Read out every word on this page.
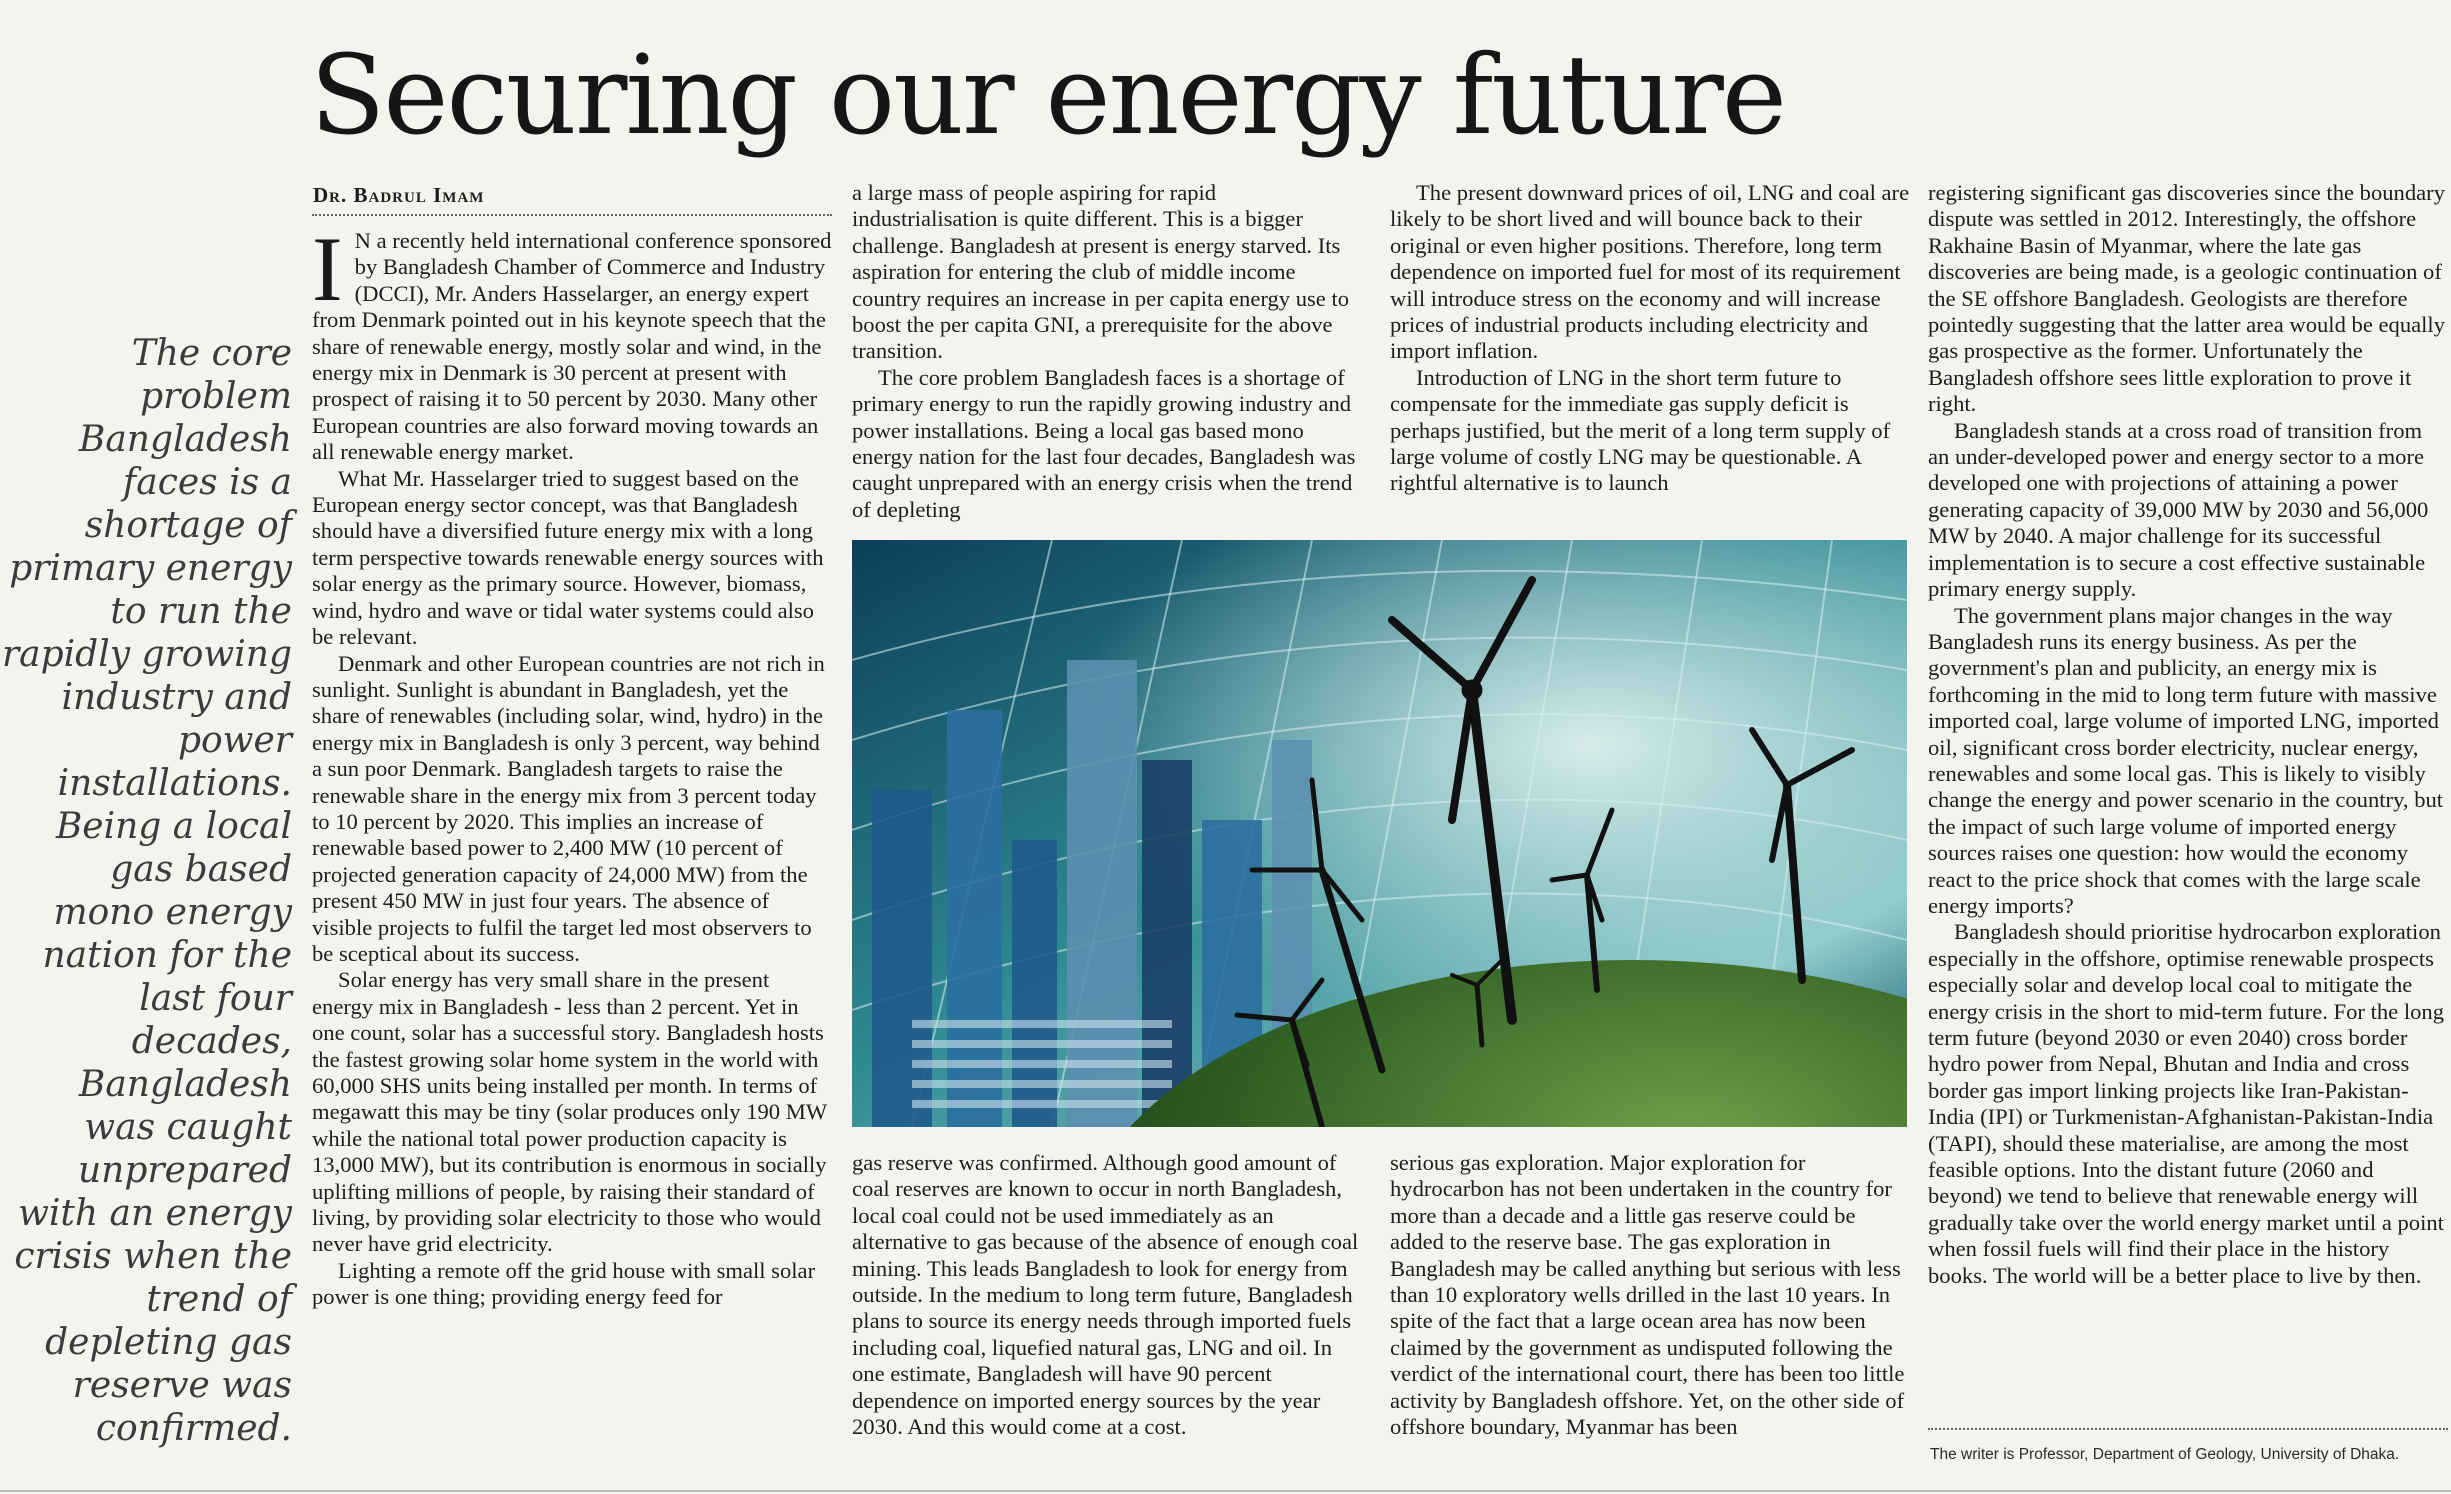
Securing our energy future
The core problem Bangladesh faces is a shortage of primary energy to run the rapidly growing industry and power installations. Being a local gas based mono energy nation for the last four decades, Bangladesh was caught unprepared with an energy crisis when the trend of depleting gas reserve was confirmed.
Dr. Badrul Imam
I N a recently held international conference sponsored by Bangladesh Chamber of Commerce and Industry (DCCI), Mr. Anders Hasselarger, an energy expert from Denmark pointed out in his keynote speech that the share of renewable energy, mostly solar and wind, in the energy mix in Denmark is 30 percent at present with prospect of raising it to 50 percent by 2030. Many other European countries are also forward moving towards an all renewable energy market.

What Mr. Hasselarger tried to suggest based on the European energy sector concept, was that Bangladesh should have a diversified future energy mix with a long term perspective towards renewable energy sources with solar energy as the primary source. However, biomass, wind, hydro and wave or tidal water systems could also be relevant.

Denmark and other European countries are not rich in sunlight. Sunlight is abundant in Bangladesh, yet the share of renewables (including solar, wind, hydro) in the energy mix in Bangladesh is only 3 percent, way behind a sun poor Denmark. Bangladesh targets to raise the renewable share in the energy mix from 3 percent today to 10 percent by 2020. This implies an increase of renewable based power to 2,400 MW (10 percent of projected generation capacity of 24,000 MW) from the present 450 MW in just four years. The absence of visible projects to fulfil the target led most observers to be sceptical about its success.

Solar energy has very small share in the present energy mix in Bangladesh - less than 2 percent. Yet in one count, solar has a successful story. Bangladesh hosts the fastest growing solar home system in the world with 60,000 SHS units being installed per month. In terms of megawatt this may be tiny (solar produces only 190 MW while the national total power production capacity is 13,000 MW), but its contribution is enormous in socially uplifting millions of people, by raising their standard of living, by providing solar electricity to those who would never have grid electricity.

Lighting a remote off the grid house with small solar power is one thing; providing energy feed for

a large mass of people aspiring for rapid industrialisation is quite different. This is a bigger challenge. Bangladesh at present is energy starved. Its aspiration for entering the club of middle income country requires an increase in per capita energy use to boost the per capita GNI, a prerequisite for the above transition.

The core problem Bangladesh faces is a shortage of primary energy to run the rapidly growing industry and power installations. Being a local gas based mono energy nation for the last four decades, Bangladesh was caught unprepared with an energy crisis when the trend of depleting

The present downward prices of oil, LNG and coal are likely to be short lived and will bounce back to their original or even higher positions. Therefore, long term dependence on imported fuel for most of its requirement will introduce stress on the economy and will increase prices of industrial products including electricity and import inflation.

Introduction of LNG in the short term future to compensate for the immediate gas supply deficit is perhaps justified, but the merit of a long term supply of large volume of costly LNG may be questionable. A rightful alternative is to launch

gas reserve was confirmed. Although good amount of coal reserves are known to occur in north Bangladesh, local coal could not be used immediately as an alternative to gas because of the absence of enough coal mining. This leads Bangladesh to look for energy from outside. In the medium to long term future, Bangladesh plans to source its energy needs through imported fuels including coal, liquefied natural gas, LNG and oil. In one estimate, Bangladesh will have 90 percent dependence on imported energy sources by the year 2030. And this would come at a cost.

serious gas exploration. Major exploration for hydrocarbon has not been undertaken in the country for more than a decade and a little gas reserve could be added to the reserve base. The gas exploration in Bangladesh may be called anything but serious with less than 10 exploratory wells drilled in the last 10 years. In spite of the fact that a large ocean area has now been claimed by the government as undisputed following the verdict of the international court, there has been too little activity by Bangladesh offshore. Yet, on the other side of offshore boundary, Myanmar has been

registering significant gas discoveries since the boundary dispute was settled in 2012. Interestingly, the offshore Rakhaine Basin of Myanmar, where the late gas discoveries are being made, is a geologic continuation of the SE offshore Bangladesh. Geologists are therefore pointedly suggesting that the latter area would be equally gas prospective as the former. Unfortunately the Bangladesh offshore sees little exploration to prove it right.

Bangladesh stands at a cross road of transition from an under-developed power and energy sector to a more developed one with projections of attaining a power generating capacity of 39,000 MW by 2030 and 56,000 MW by 2040. A major challenge for its successful implementation is to secure a cost effective sustainable primary energy supply.

The government plans major changes in the way Bangladesh runs its energy business. As per the government's plan and publicity, an energy mix is forthcoming in the mid to long term future with massive imported coal, large volume of imported LNG, imported oil, significant cross border electricity, nuclear energy, renewables and some local gas. This is likely to visibly change the energy and power scenario in the country, but the impact of such large volume of imported energy sources raises one question: how would the economy react to the price shock that comes with the large scale energy imports?

Bangladesh should prioritise hydrocarbon exploration especially in the offshore, optimise renewable prospects especially solar and develop local coal to mitigate the energy crisis in the short to mid-term future. For the long term future (beyond 2030 or even 2040) cross border hydro power from Nepal, Bhutan and India and cross border gas import linking projects like Iran-Pakistan-India (IPI) or Turkmenistan-Afghanistan-Pakistan-India (TAPI), should these materialise, are among the most feasible options. Into the distant future (2060 and beyond) we tend to believe that renewable energy will gradually take over the world energy market until a point when fossil fuels will find their place in the history books. The world will be a better place to live by then.

The writer is Professor, Department of Geology, University of Dhaka.
